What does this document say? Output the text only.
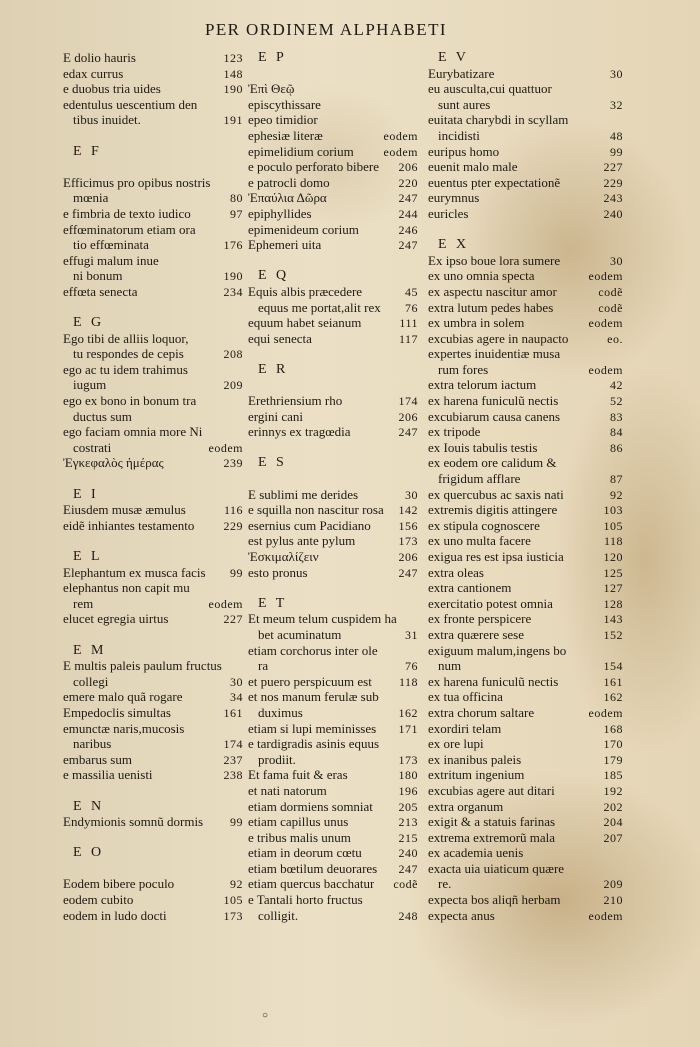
PER ORDINEM ALPHABETI
E dolio hauris	123
edax currus	148
e duobus tria uides	190
edentulus uescentium den
tibus inuidet.	191
E F
Efficimus pro opibus nostris
mœnia	80
e fimbria de texto iudico	97
effœminatorum etiam ora
tio effœminata	176
effugi malum inue
ni bonum	190
effœta senecta	234
E G
Ego tibi de alliis loquor,
tu respondes de cepis	208
ego ac tu idem trahimus
iugum	209
ego ex bono in bonum tra
ductus sum
ego faciam omnia more Ni
costrati	eodem
Ἐγκεφαλὸς ἡμέρας	239
E I
Eiusdem musæ æmulus	116
eidẽ inhiantes testamento	229
E L
Elephantum ex musca facis	99
elephantus non capit mu
rem	eodem
elucet egregia uirtus	227
E M
E multis paleis paulum fructus
collegi	30
emere malo quã rogare	34
Empedoclis simultas	161
emunctæ naris,mucosis
naribus	174
embarus sum	237
e massilia uenisti	238
E N
Endymionis somnũ dormis	99
E O
Eodem bibere poculo	92
eodem cubito	105
eodem in ludo docti	173
E P
Ἐπὶ Θεῷ
episcythissare
epeo timidior
ephesiæ literæ	eodem
epimelidium corium	eodem
e poculo perforato bibere	206
e patrocli domo	220
Ἐπαύλια Δῶρα	247
epiphyllides	244
epimenideum corium	246
Ephemeri uita	247
E Q
Equis albis præcedere	45
equus me portat,alit rex	76
equum habet seianum	111
equi senecta	117
E R
Erethriensium rho	174
ergini cani	206
erinnys ex tragœdia	247
E S
E sublimi me derides	30
e squilla non nascitur rosa	142
esernius cum Pacidiano	156
est pylus ante pylum	173
Ἐσκιμαλίζειν	206
esto pronus	247
E T
Et meum telum cuspidem ha
bet acuminatum	31
etiam corchorus inter ole
ra	76
et puero perspicuum est	118
et nos manum ferulæ sub
duximus	162
etiam si lupi meminisses	171
e tardigradis asinis equus
prodiit.	173
Et fama fuit & eras	180
et nati natorum	196
etiam dormiens somniat	205
etiam capillus unus	213
e tribus malis unum	215
etiam in deorum cœtu	240
etiam bœtilum deuorares	247
etiam quercus bacchatur	codẽ
e Tantali horto fructus
colligit.	248
E V
Eurybatizare	30
eu ausculta,cui quattuor
sunt aures	32
euitata charybdi in scyllam
incidisti	48
euripus homo	99
euenit malo male	227
euentus pter expectationẽ	229
eurymnus	243
euricles	240
E X
Ex ipso boue lora sumere	30
ex uno omnia specta	eodem
ex aspectu nascitur amor	codẽ
extra lutum pedes habes	codẽ
ex umbra in solem	eodem
excubias agere in naupacto	eo.
expertes inuidentiæ musa
rum fores	eodem
extra telorum iactum	42
ex harena funiculũ nectis	52
excubiarum causa canens	83
ex tripode	84
ex Iouis tabulis testis	86
ex eodem ore calidum &
frigidum afflare	87
ex quercubus ac saxis nati	92
extremis digitis attingere	103
ex stipula cognoscere	105
ex uno multa facere	118
exigua res est ipsa iusticia	120
extra oleas	125
extra cantionem	127
exercitatio potest omnia	128
ex fronte perspicere	143
extra quærere sese	152
exiguum malum,ingens bo
num	154
ex harena funiculũ nectis	161
ex tua officina	162
extra chorum saltare	eodem
exordiri telam	168
ex ore lupi	170
ex inanibus paleis	179
extritum ingenium	185
excubias agere aut ditari	192
extra organum	202
exigit & a statuis farinas	204
extrema extremorũ mala	207
ex academia uenis
exacta uia uiaticum quære
re.	209
expecta bos aliqñ herbam	210
expecta anus	eodem
○
